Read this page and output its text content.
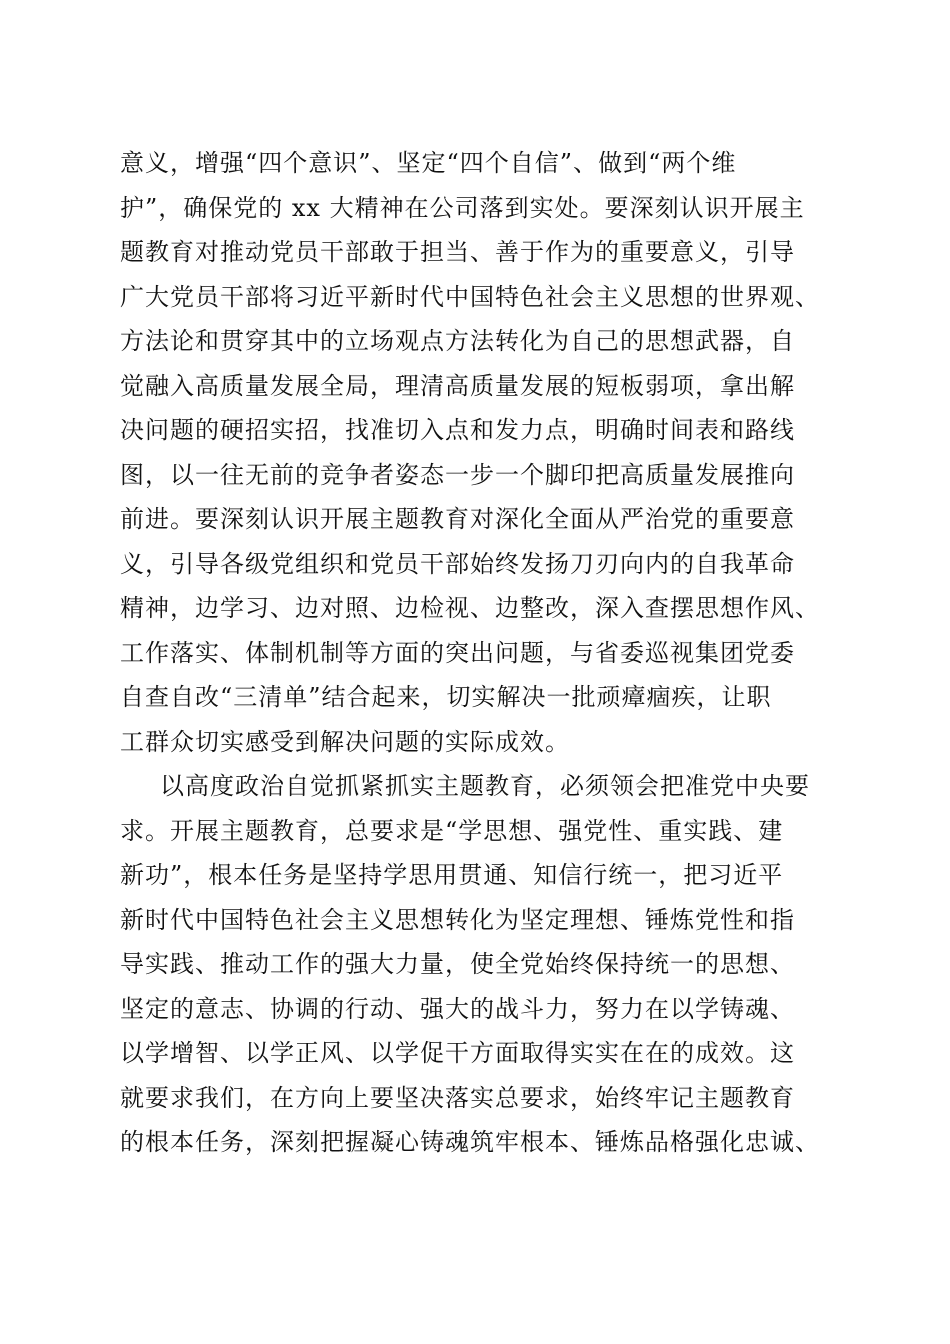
意义，增强“四个意识”、坚定“四个自信”、做到“两个维
护”，确保党的 xx 大精神在公司落到实处。要深刻认识开展主
题教育对推动党员干部敢于担当、善于作为的重要意义，引导
广大党员干部将习近平新时代中国特色社会主义思想的世界观、
方法论和贯穿其中的立场观点方法转化为自己的思想武器，自
觉融入高质量发展全局，理清高质量发展的短板弱项，拿出解
决问题的硬招实招，找准切入点和发力点，明确时间表和路线
图，以一往无前的竞争者姿态一步一个脚印把高质量发展推向
前进。要深刻认识开展主题教育对深化全面从严治党的重要意
义，引导各级党组织和党员干部始终发扬刀刃向内的自我革命
精神，边学习、边对照、边检视、边整改，深入查摆思想作风、
工作落实、体制机制等方面的突出问题，与省委巡视集团党委
自查自改“三清单”结合起来，切实解决一批顽瘴痼疾，让职
工群众切实感受到解决问题的实际成效。
以高度政治自觉抓紧抓实主题教育，必须领会把准党中央要
求。开展主题教育，总要求是“学思想、强党性、重实践、建
新功”，根本任务是坚持学思用贯通、知信行统一，把习近平
新时代中国特色社会主义思想转化为坚定理想、锤炼党性和指
导实践、推动工作的强大力量，使全党始终保持统一的思想、
坚定的意志、协调的行动、强大的战斗力，努力在以学铸魂、
以学增智、以学正风、以学促干方面取得实实在在的成效。这
就要求我们，在方向上要坚决落实总要求，始终牢记主题教育
的根本任务，深刻把握凝心铸魂筑牢根本、锤炼品格强化忠诚、
